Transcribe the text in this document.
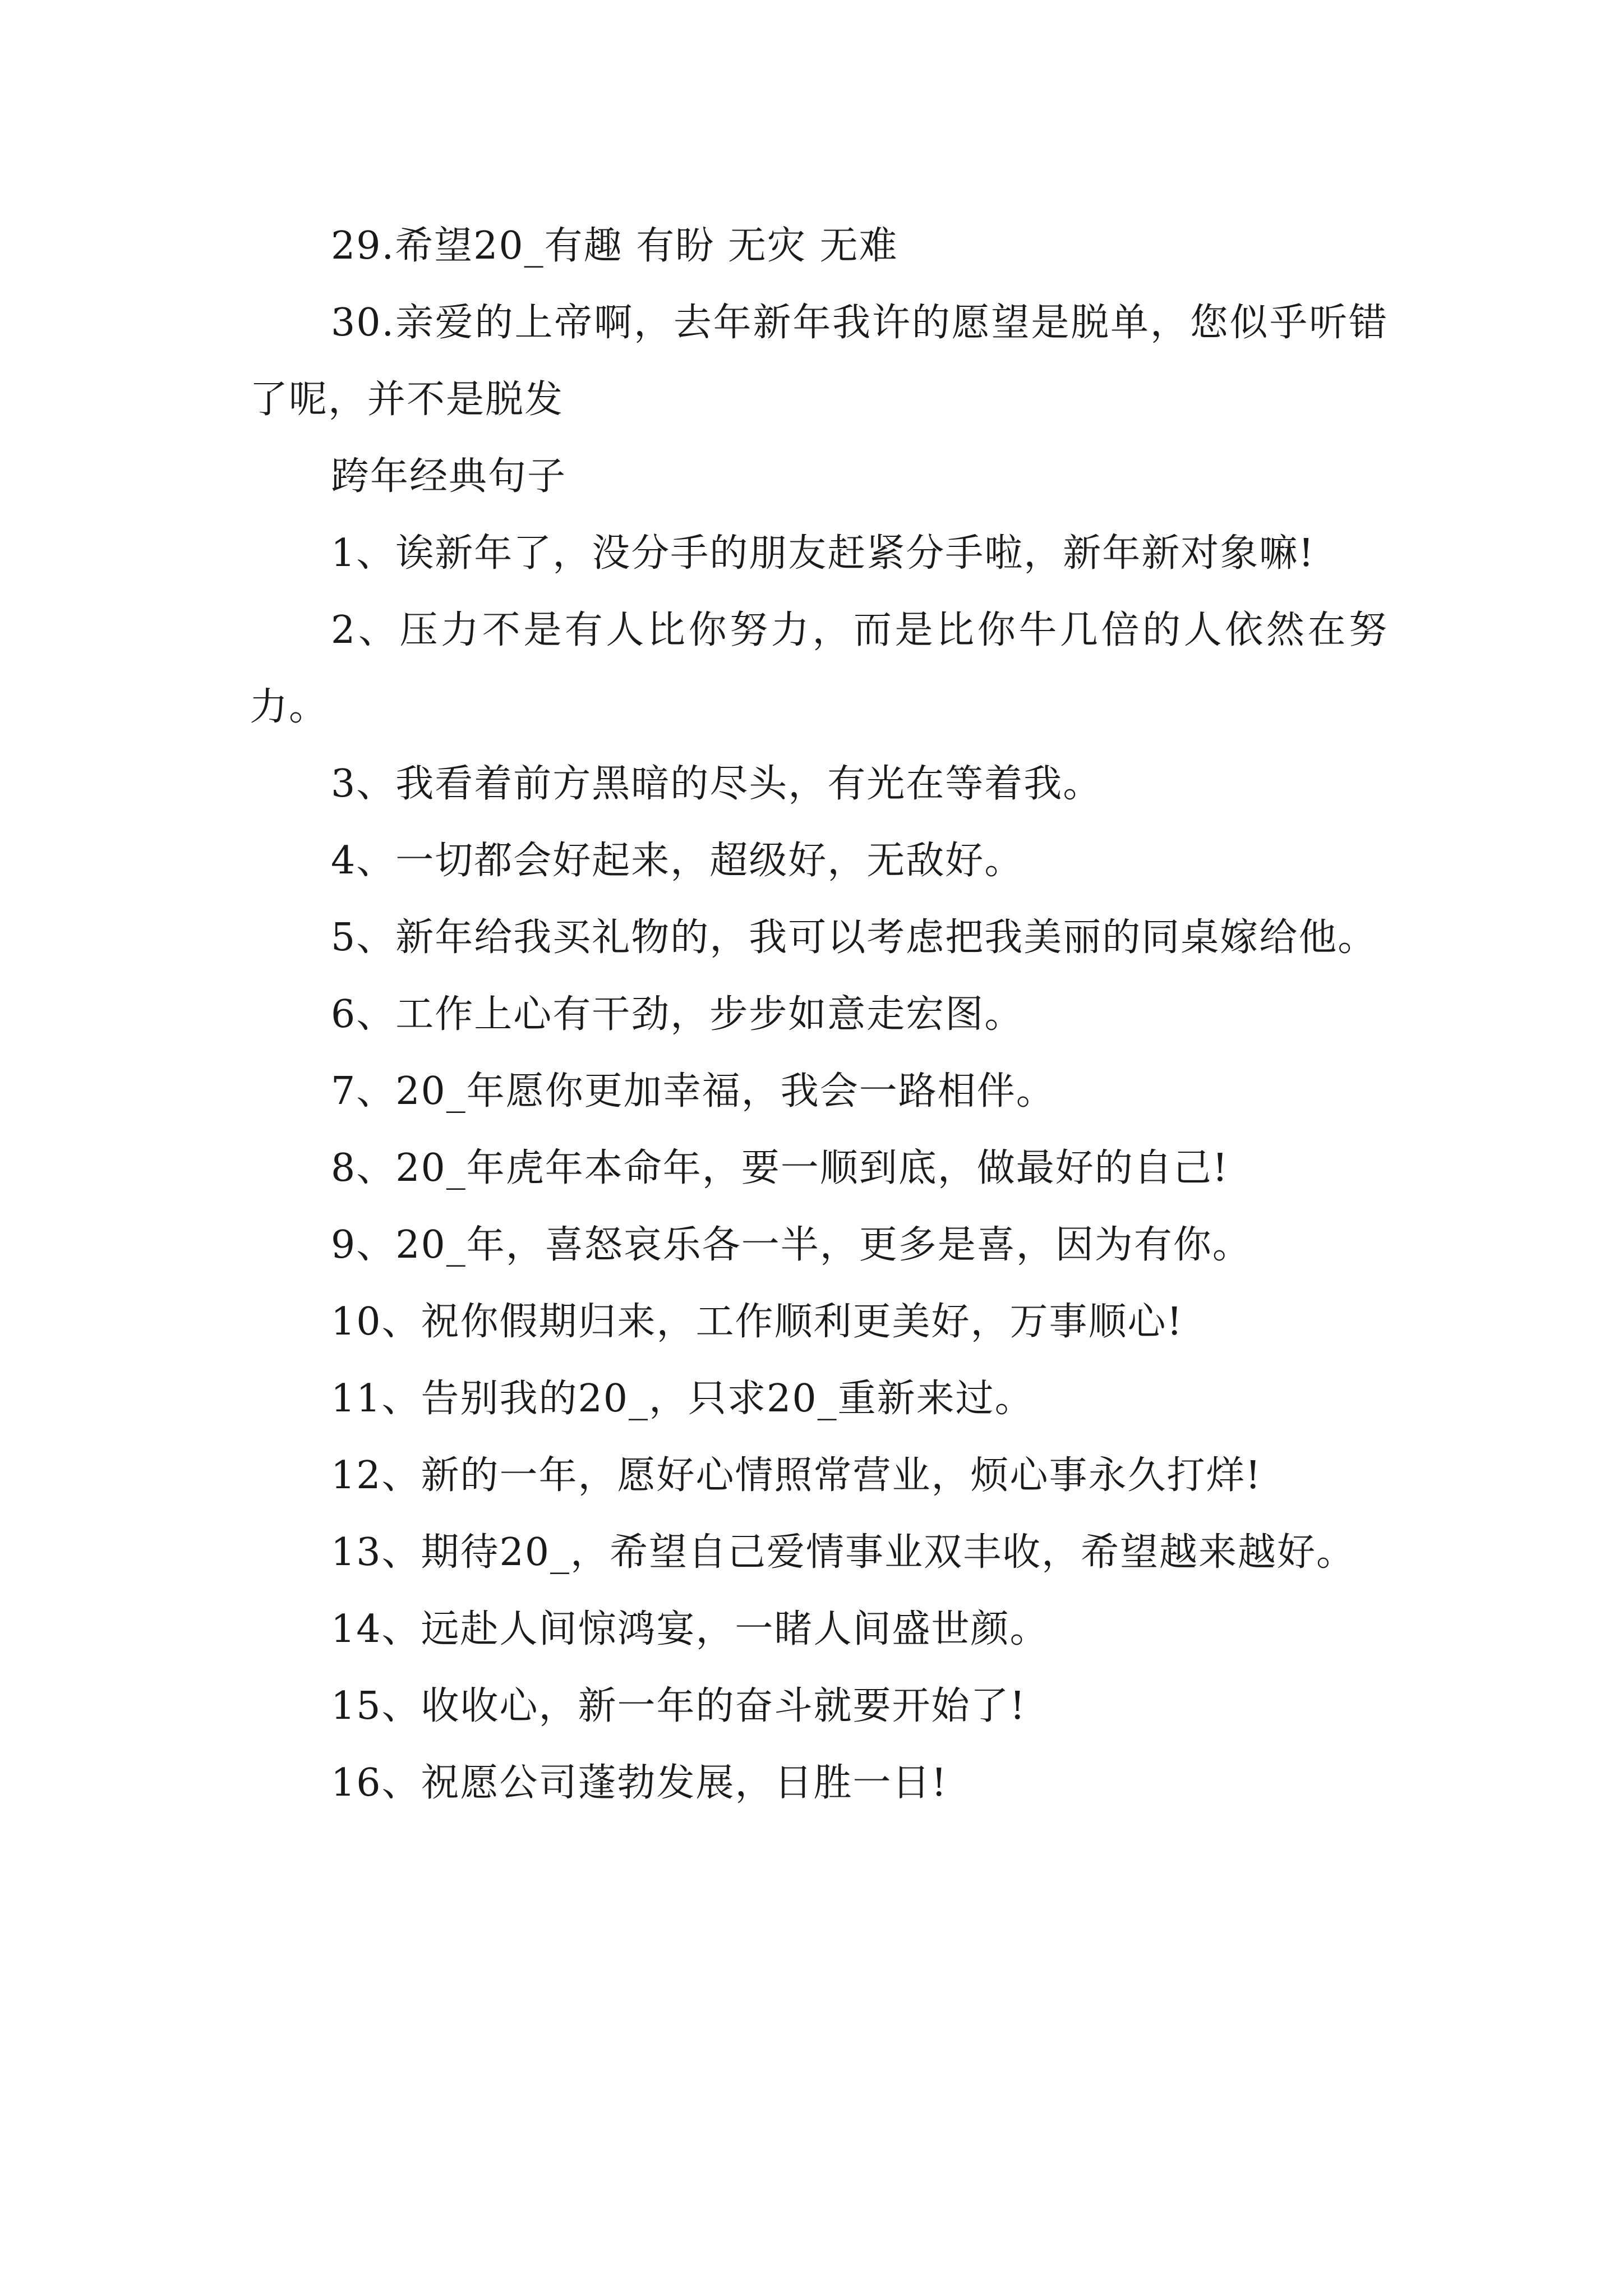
29.希望20_有趣 有盼 无灾 无难

30.亲爱的上帝啊，去年新年我许的愿望是脱单，您似乎听错了呢，并不是脱发

跨年经典句子

1、诶新年了，没分手的朋友赶紧分手啦，新年新对象嘛!

2、压力不是有人比你努力，而是比你牛几倍的人依然在努力。

3、我看着前方黑暗的尽头，有光在等着我。

4、一切都会好起来，超级好，无敌好。

5、新年给我买礼物的，我可以考虑把我美丽的同桌嫁给他。

6、工作上心有干劲，步步如意走宏图。

7、20_年愿你更加幸福，我会一路相伴。

8、20_年虎年本命年，要一顺到底，做最好的自己!

9、20_年，喜怒哀乐各一半，更多是喜，因为有你。

10、祝你假期归来，工作顺利更美好，万事顺心!

11、告别我的20_，只求20_重新来过。

12、新的一年，愿好心情照常营业，烦心事永久打烊!

13、期待20_，希望自己爱情事业双丰收，希望越来越好。

14、远赴人间惊鸿宴，一睹人间盛世颜。

15、收收心，新一年的奋斗就要开始了!

16、祝愿公司蓬勃发展，日胜一日!
